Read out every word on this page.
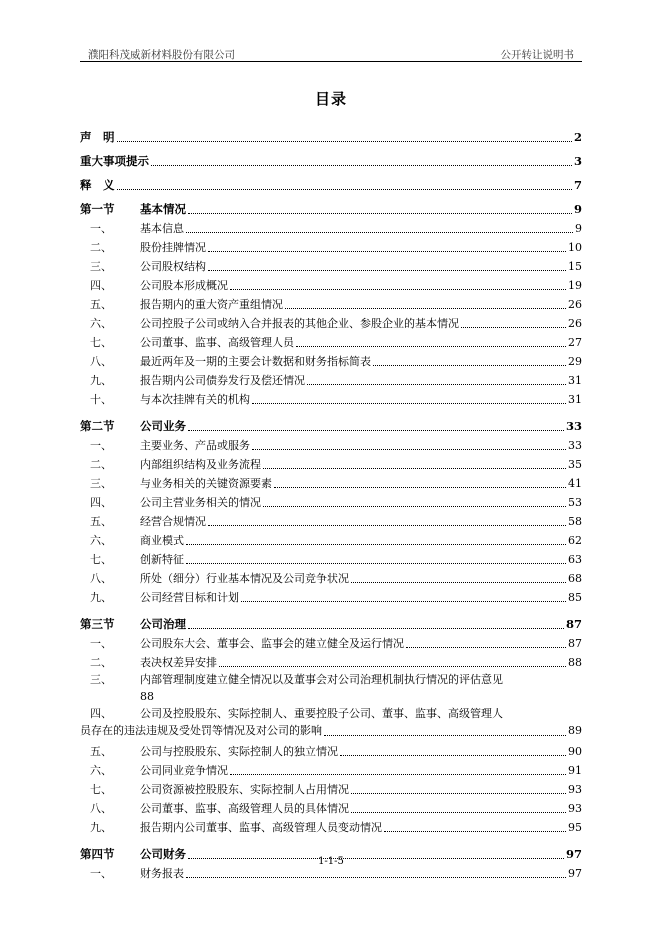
濮阳科茂威新材料股份有限公司	公开转让说明书
目录
声　明	2
重大事项提示	3
释　义	7
第一节	基本情况	9
一、	基本信息	9
二、	股份挂牌情况	10
三、	公司股权结构	15
四、	公司股本形成概况	19
五、	报告期内的重大资产重组情况	26
六、	公司控股子公司或纳入合并报表的其他企业、参股企业的基本情况	26
七、	公司董事、监事、高级管理人员	27
八、	最近两年及一期的主要会计数据和财务指标简表	29
九、	报告期内公司债券发行及偿还情况	31
十、	与本次挂牌有关的机构	31
第二节	公司业务	33
一、	主要业务、产品或服务	33
二、	内部组织结构及业务流程	35
三、	与业务相关的关键资源要素	41
四、	公司主营业务相关的情况	53
五、	经营合规情况	58
六、	商业模式	62
七、	创新特征	63
八、	所处（细分）行业基本情况及公司竞争状况	68
九、	公司经营目标和计划	85
第三节	公司治理	87
一、	公司股东大会、董事会、监事会的建立健全及运行情况	87
二、	表决权差异安排	88
三、	内部管理制度建立健全情况以及董事会对公司治理机制执行情况的评估意见
88
四、	公司及控股股东、实际控制人、重要控股子公司、董事、监事、高级管理人
员存在的违法违规及受处罚等情况及对公司的影响	89
五、	公司与控股股东、实际控制人的独立情况	90
六、	公司同业竞争情况	91
七、	公司资源被控股股东、实际控制人占用情况	93
八、	公司董事、监事、高级管理人员的具体情况	93
九、	报告期内公司董事、监事、高级管理人员变动情况	95
第四节	公司财务	97
一、	财务报表	97
1-1-5
